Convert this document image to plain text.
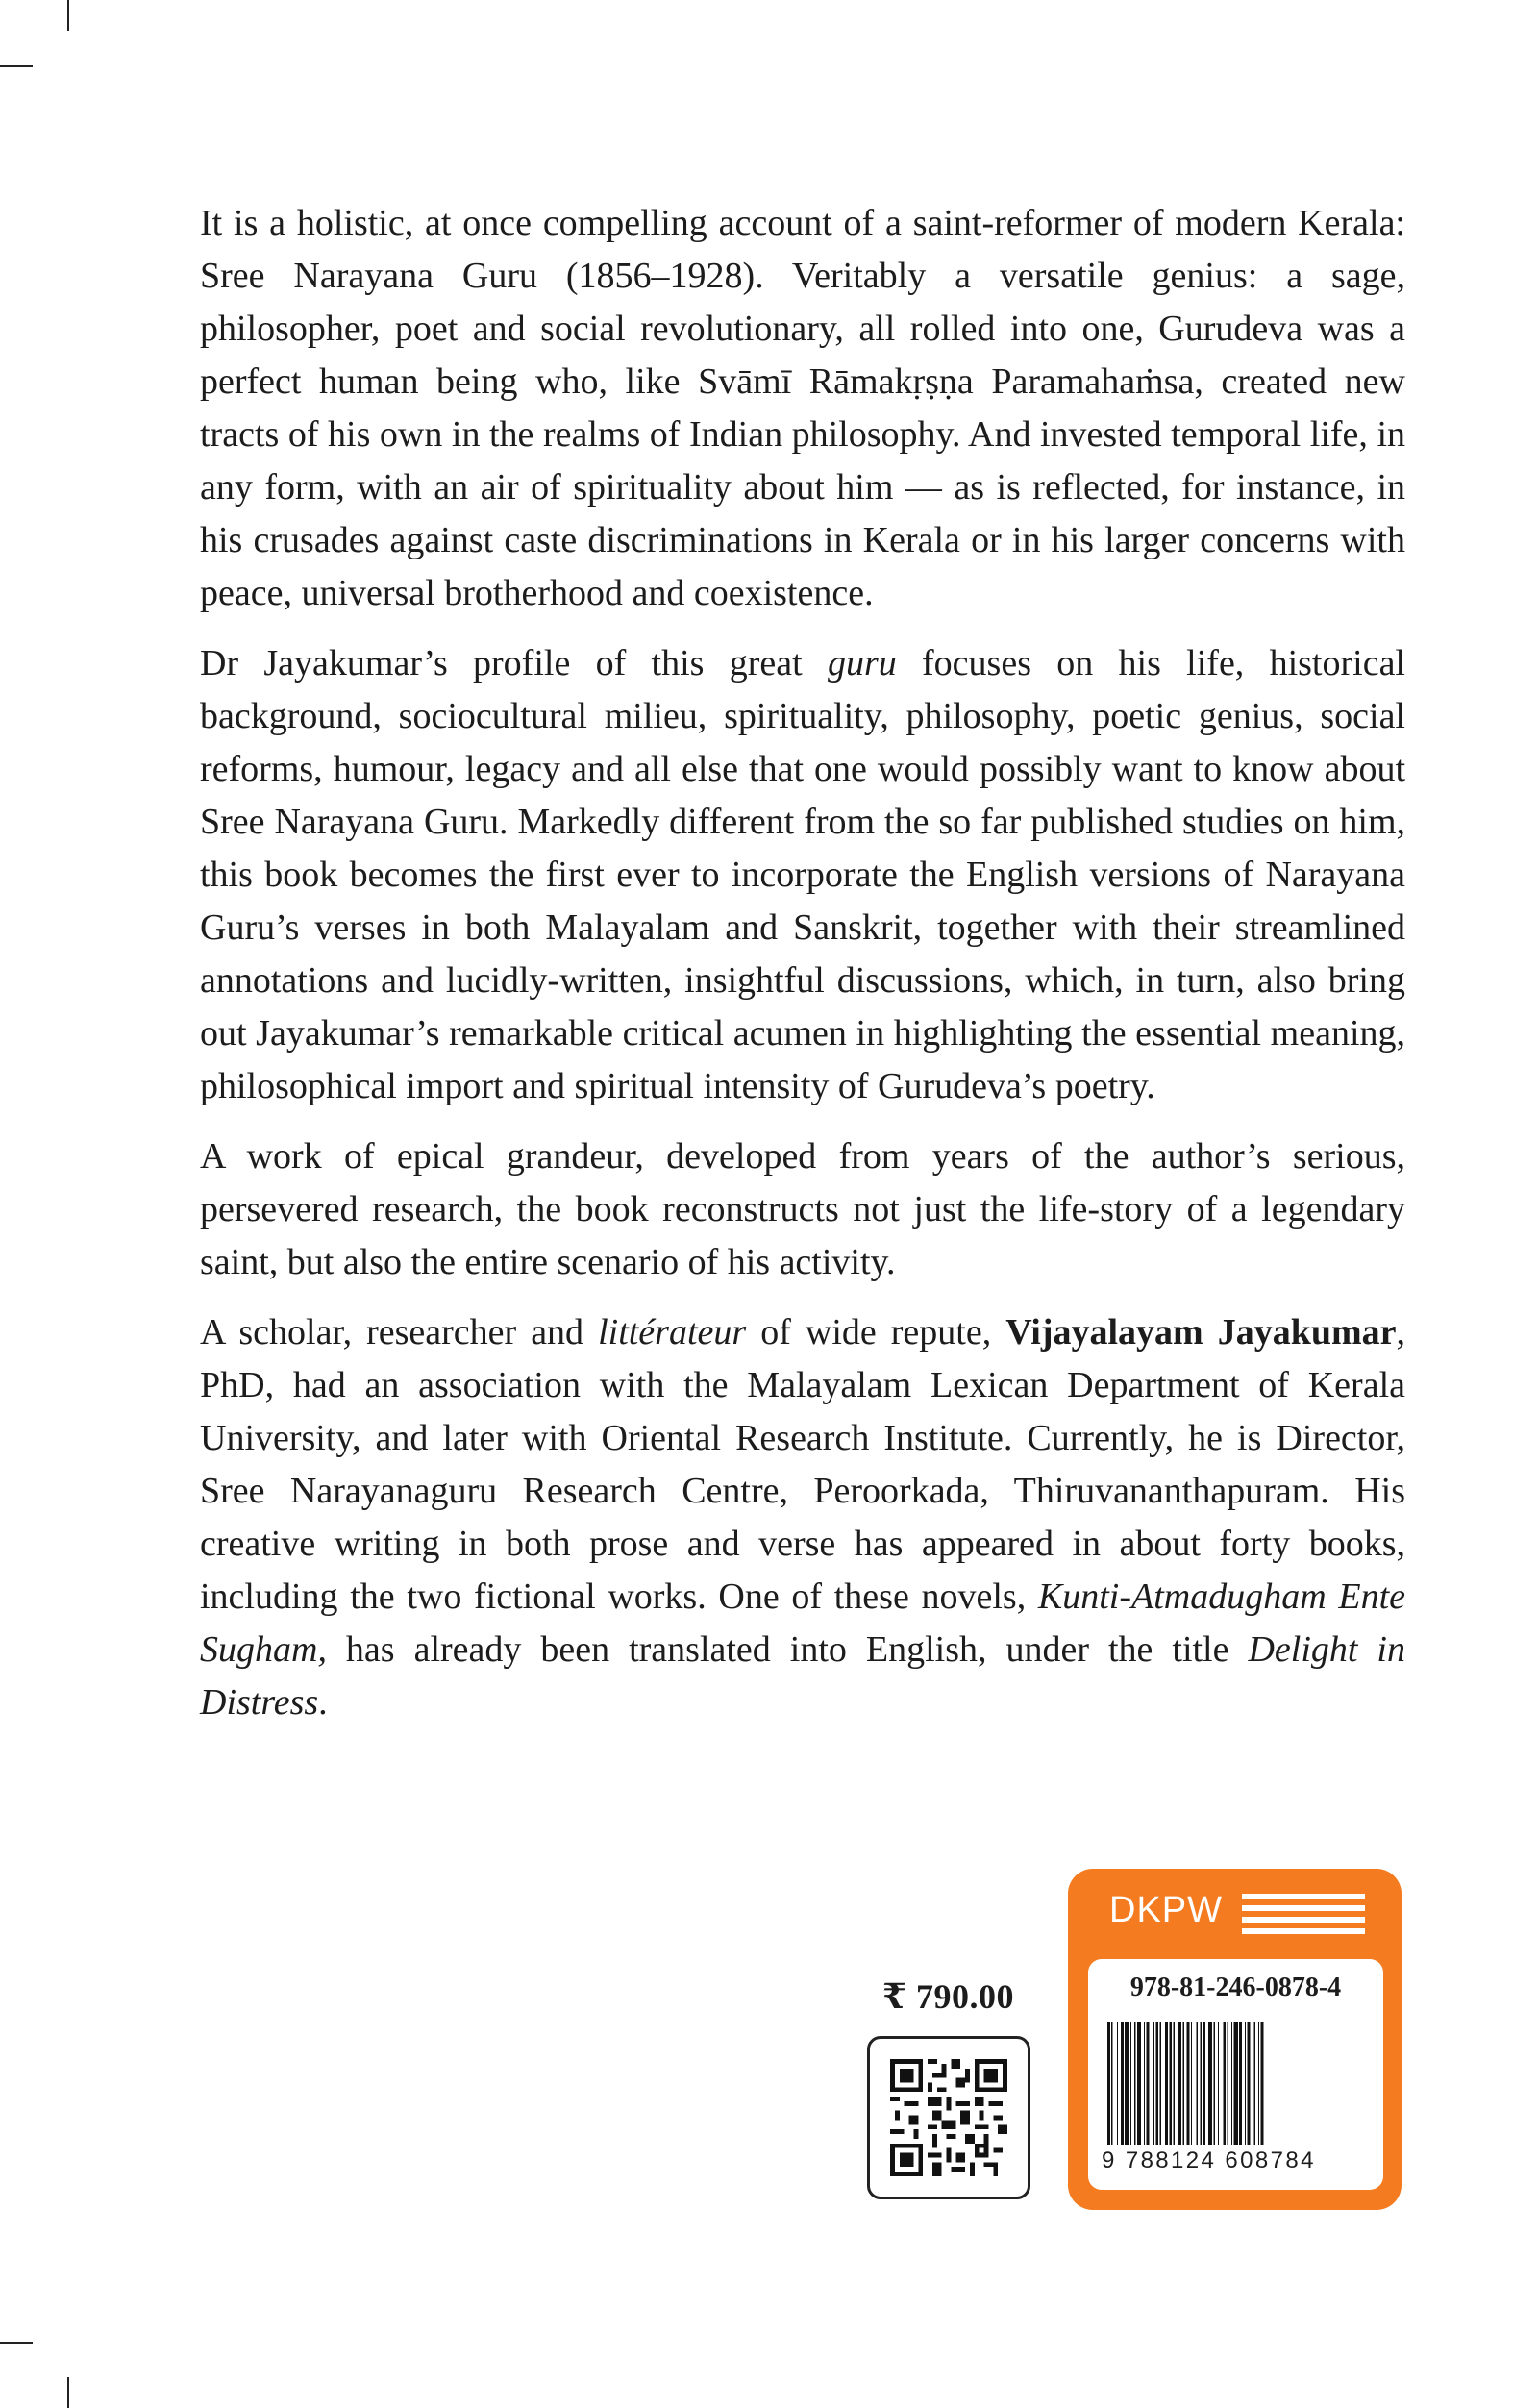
It is a holistic, at once compelling account of a saint-reformer of modern Kerala: Sree Narayana Guru (1856–1928). Veritably a versatile genius: a sage, philosopher, poet and social revolutionary, all rolled into one, Gurudeva was a perfect human being who, like Svāmī Rāmakṛṣṇa Paramahaṁsa, created new tracts of his own in the realms of Indian philosophy. And invested temporal life, in any form, with an air of spirituality about him — as is reflected, for instance, in his crusades against caste discriminations in Kerala or in his larger concerns with peace, universal brotherhood and coexistence.

Dr Jayakumar’s profile of this great guru focuses on his life, historical background, sociocultural milieu, spirituality, philosophy, poetic genius, social reforms, humour, legacy and all else that one would possibly want to know about Sree Narayana Guru. Markedly different from the so far published studies on him, this book becomes the first ever to incorporate the English versions of Narayana Guru’s verses in both Malayalam and Sanskrit, together with their streamlined annotations and lucidly-written, insightful discussions, which, in turn, also bring out Jayakumar’s remarkable critical acumen in highlighting the essential meaning, philosophical import and spiritual intensity of Gurudeva’s poetry.

A work of epical grandeur, developed from years of the author’s serious, persevered research, the book reconstructs not just the life-story of a legendary saint, but also the entire scenario of his activity.

A scholar, researcher and littérateur of wide repute, Vijayalayam Jayakumar, PhD, had an association with the Malayalam Lexican Department of Kerala University, and later with Oriental Research Institute. Currently, he is Director, Sree Narayanaguru Research Centre, Peroorkada, Thiruvananthapuram. His creative writing in both prose and verse has appeared in about forty books, including the two fictional works. One of these novels, Kunti-Atmadugham Ente Sugham, has already been translated into English, under the title Delight in Distress.

₹ 790.00
DKPW
978-81-246-0878-4
9 788124 608784
